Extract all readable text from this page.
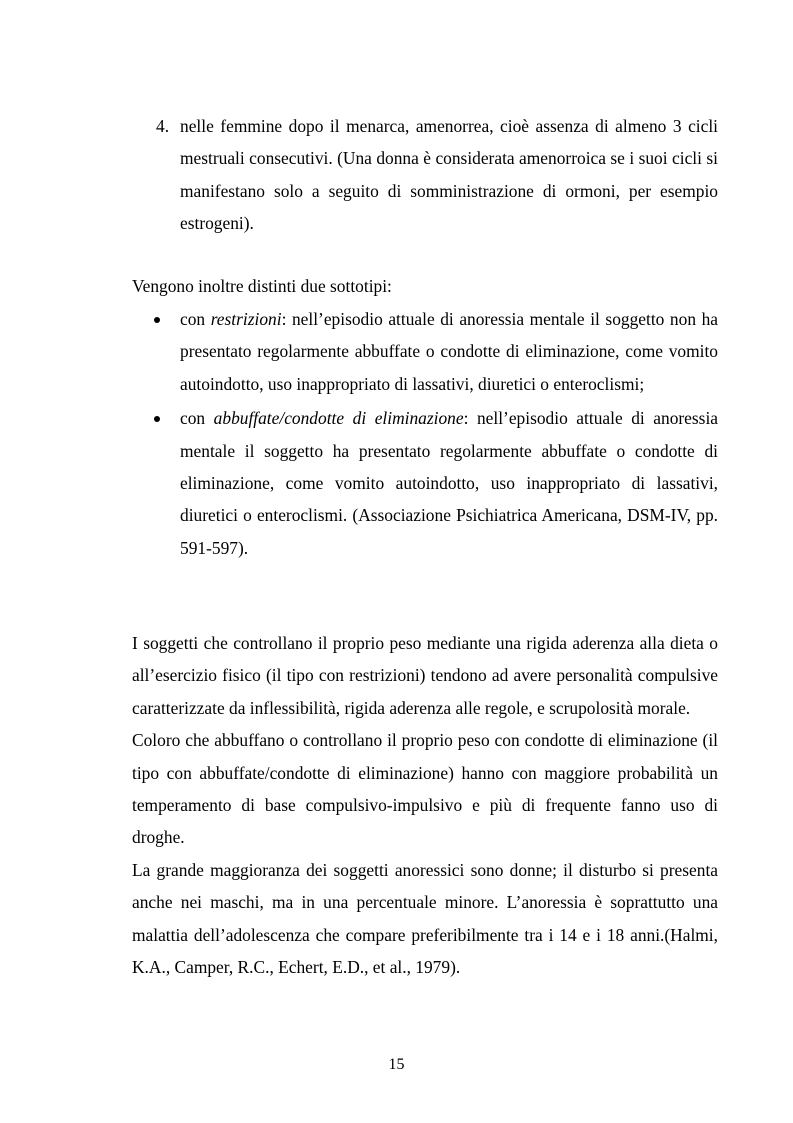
4. nelle femmine dopo il menarca, amenorrea, cioè assenza di almeno 3 cicli mestruali consecutivi. (Una donna è considerata amenorroica se i suoi cicli si manifestano solo a seguito di somministrazione di ormoni, per esempio estrogeni).

Vengono inoltre distinti due sottotipi:

con restrizioni: nell’episodio attuale di anoressia mentale il soggetto non ha presentato regolarmente abbuffate o condotte di eliminazione, come vomito autoindotto, uso inappropriato di lassativi, diuretici o enteroclismi;
con abbuffate/condotte di eliminazione: nell’episodio attuale di anoressia mentale il soggetto ha presentato regolarmente abbuffate o condotte di eliminazione, come vomito autoindotto, uso inappropriato di lassativi, diuretici o enteroclismi. (Associazione Psichiatrica Americana, DSM-IV, pp. 591-597).

I soggetti che controllano il proprio peso mediante una rigida aderenza alla dieta o all’esercizio fisico (il tipo con restrizioni) tendono ad avere personalità compulsive caratterizzate da inflessibilità, rigida aderenza alle regole, e scrupolosità morale.

Coloro che abbuffano o controllano il proprio peso con condotte di eliminazione (il tipo con abbuffate/condotte di eliminazione) hanno con maggiore probabilità un temperamento di base compulsivo-impulsivo e più di frequente fanno uso di droghe.

La grande maggioranza dei soggetti anoressici sono donne; il disturbo si presenta anche nei maschi, ma in una percentuale minore. L’anoressia è soprattutto una malattia dell’adolescenza che compare preferibilmente tra i 14 e i 18 anni.(Halmi, K.A., Camper, R.C., Echert, E.D., et al., 1979).

15
